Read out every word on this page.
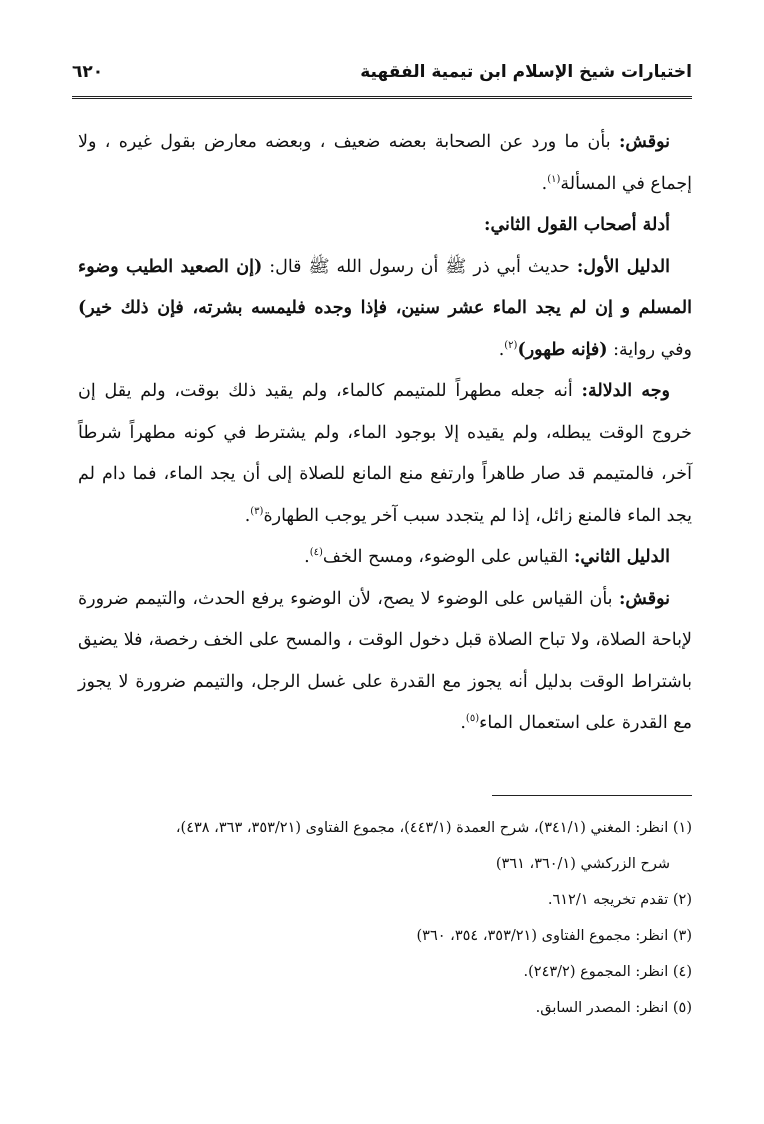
اختيارات شيخ الإسلام ابن تيمية الفقهية
٦٢٠

نوقش: بأن ما ورد عن الصحابة بعضه ضعيف ، وبعضه معارض بقول غيره ، ولا إجماع في المسألة$^{(١)}$.

أدلة أصحاب القول الثاني:

الدليل الأول: حديث أبي ذر ﷺ أن رسول الله ﷺ قال: (إن الصعيد الطيب وضوء المسلم و إن لم يجد الماء عشر سنين، فإذا وجده فليمسه بشرته، فإن ذلك خير) وفي رواية: (فإنه طهور)$^{(٢)}$.

وجه الدلالة: أنه جعله مطهراً للمتيمم كالماء، ولم يقيد ذلك بوقت، ولم يقل إن خروج الوقت يبطله، ولم يقيده إلا بوجود الماء، ولم يشترط في كونه مطهراً شرطاً آخر، فالمتيمم قد صار طاهراً وارتفع منع المانع للصلاة إلى أن يجد الماء، فما دام لم يجد الماء فالمنع زائل، إذا لم يتجدد سبب آخر يوجب الطهارة$^{(٣)}$.

الدليل الثاني: القياس على الوضوء، ومسح الخف$^{(٤)}$.

نوقش: بأن القياس على الوضوء لا يصح، لأن الوضوء يرفع الحدث، والتيمم ضرورة لإباحة الصلاة، ولا تباح الصلاة قبل دخول الوقت ، والمسح على الخف رخصة، فلا يضيق باشتراط الوقت بدليل أنه يجوز مع القدرة على غسل الرجل، والتيمم ضرورة لا يجوز مع القدرة على استعمال الماء$^{(٥)}$.

(١) انظر: المغني (٣٤١/١)، شرح العمدة (٤٤٣/١)، مجموع الفتاوى (٣٥٣/٢١، ٣٦٣، ٤٣٨)،

شرح الزركشي (٣٦٠/١، ٣٦١)

(٢) تقدم تخريجه ٦١٢/١.

(٣) انظر: مجموع الفتاوى (٣٥٣/٢١، ٣٥٤، ٣٦٠)

(٤) انظر: المجموع (٢٤٣/٢).

(٥) انظر: المصدر السابق.
